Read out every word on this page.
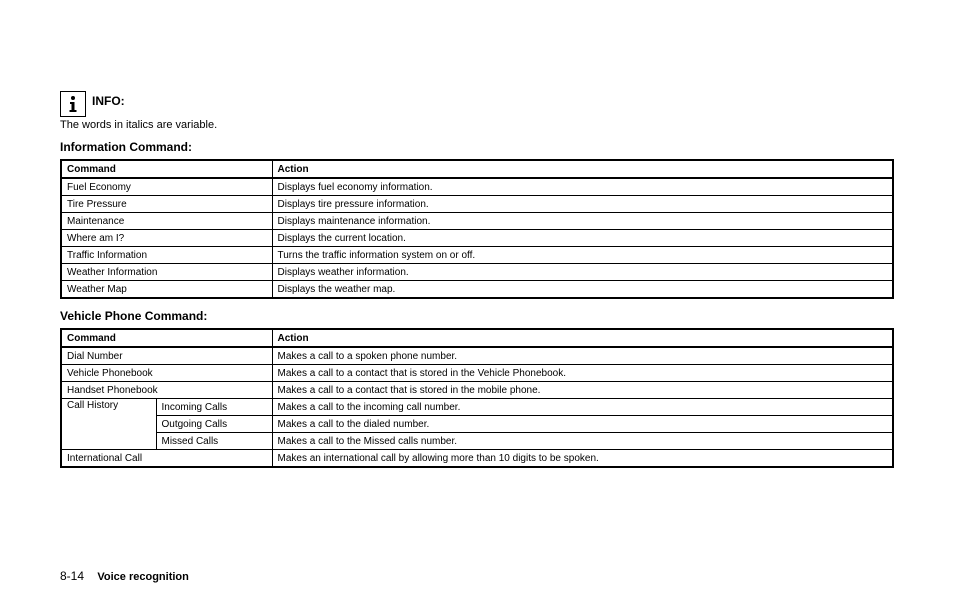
INFO:
The words in italics are variable.
Information Command:
Command	Action
Fuel Economy	Displays fuel economy information.
Tire Pressure	Displays tire pressure information.
Maintenance	Displays maintenance information.
Where am I?	Displays the current location.
Traffic Information	Turns the traffic information system on or off.
Weather Information	Displays weather information.
Weather Map	Displays the weather map.
Vehicle Phone Command:
Command		Action
Dial Number		Makes a call to a spoken phone number.
Vehicle Phonebook		Makes a call to a contact that is stored in the Vehicle Phonebook.
Handset Phonebook		Makes a call to a contact that is stored in the mobile phone.
Call History	Incoming Calls	Makes a call to the incoming call number.
	Outgoing Calls	Makes a call to the dialed number.
	Missed Calls	Makes a call to the Missed calls number.
International Call		Makes an international call by allowing more than 10 digits to be spoken.
8-14 Voice recognition
